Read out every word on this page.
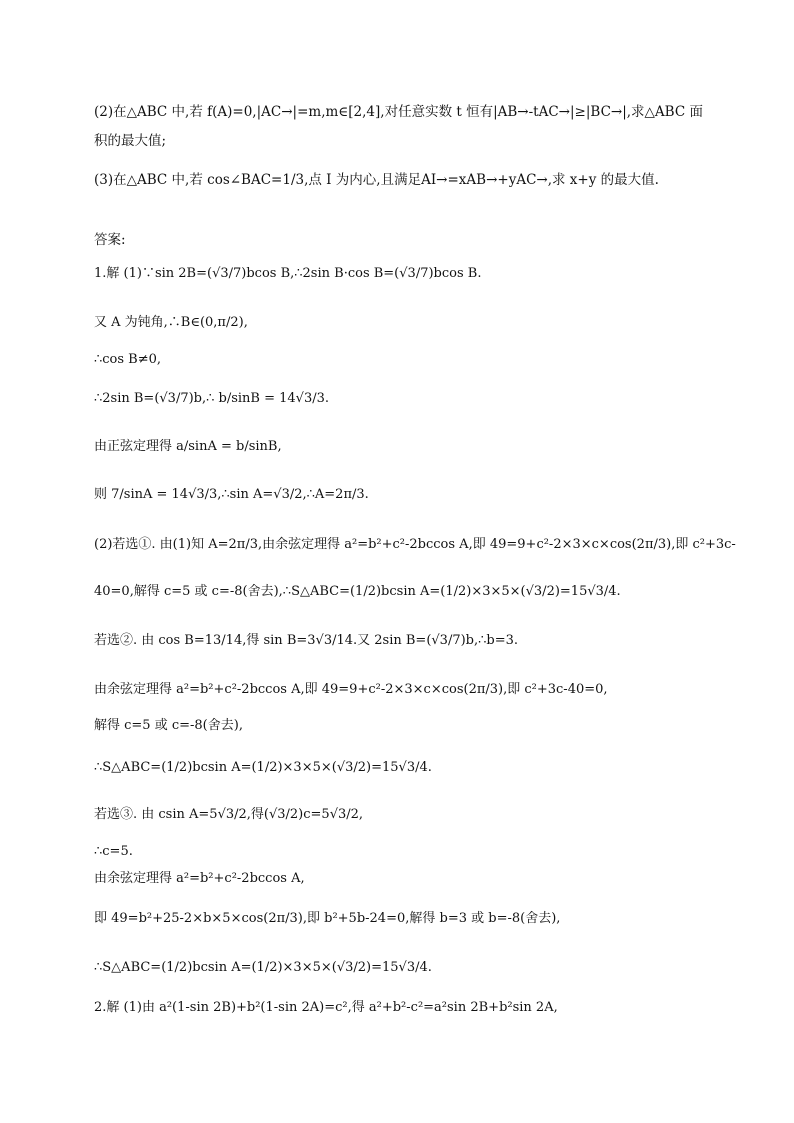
(2)在△ABC 中,若 f(A)=0,|AC→|=m,m∈[2,4],对任意实数 t 恒有|AB→-tAC→|≥|BC→|,求△ABC 面
积的最大值;
(3)在△ABC 中,若 cos∠BAC=1/3,点 I 为内心,且满足AI→=xAB→+yAC→,求 x+y 的最大值.
答案:
1.解 (1)∵sin 2B=(√3/7)bcos B,∴2sin B·cos B=(√3/7)bcos B.
又 A 为钝角,∴B∈(0,π/2),
∴cos B≠0,
∴2sin B=(√3/7)b,∴ b/sinB = 14√3/3.
由正弦定理得 a/sinA = b/sinB,
则 7/sinA = 14√3/3,∴sin A=√3/2,∴A=2π/3.
(2)若选①. 由(1)知 A=2π/3,由余弦定理得 a²=b²+c²-2bccos A,即 49=9+c²-2×3×c×cos(2π/3),即 c²+3c-
40=0,解得 c=5 或 c=-8(舍去),∴S△ABC=(1/2)bcsin A=(1/2)×3×5×(√3/2)=15√3/4.
若选②. 由 cos B=13/14,得 sin B=3√3/14.又 2sin B=(√3/7)b,∴b=3.
由余弦定理得 a²=b²+c²-2bccos A,即 49=9+c²-2×3×c×cos(2π/3),即 c²+3c-40=0,
解得 c=5 或 c=-8(舍去),
∴S△ABC=(1/2)bcsin A=(1/2)×3×5×(√3/2)=15√3/4.
若选③. 由 csin A=5√3/2,得(√3/2)c=5√3/2,
∴c=5.
由余弦定理得 a²=b²+c²-2bccos A,
即 49=b²+25-2×b×5×cos(2π/3),即 b²+5b-24=0,解得 b=3 或 b=-8(舍去),
∴S△ABC=(1/2)bcsin A=(1/2)×3×5×(√3/2)=15√3/4.
2.解 (1)由 a²(1-sin 2B)+b²(1-sin 2A)=c²,得 a²+b²-c²=a²sin 2B+b²sin 2A,
